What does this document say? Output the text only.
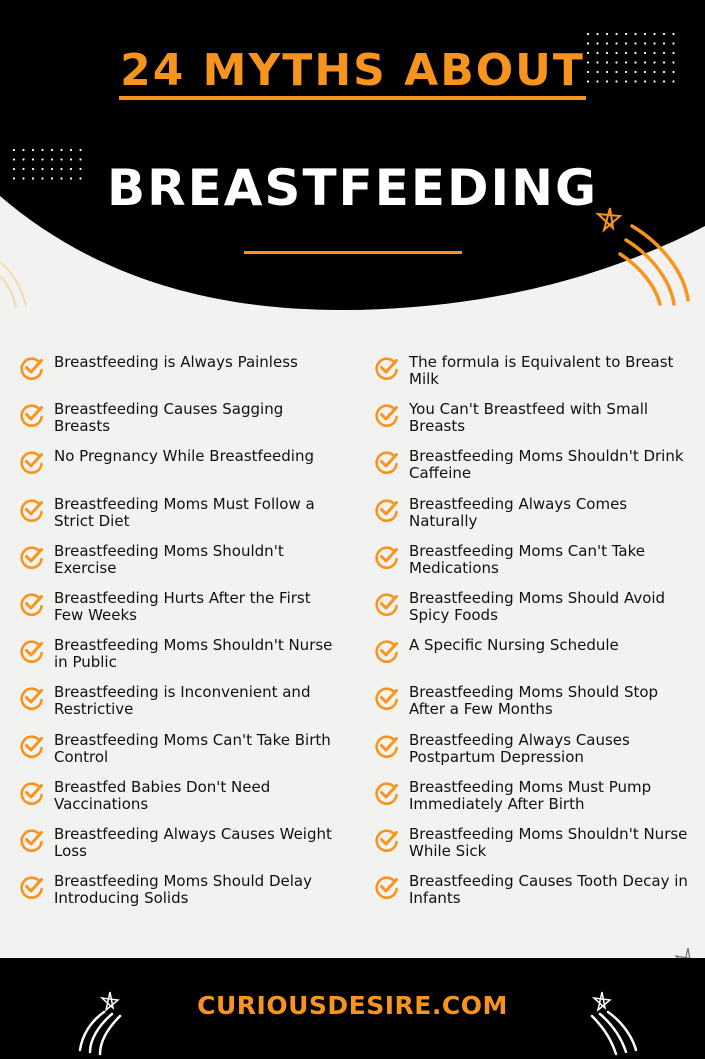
24 MYTHS ABOUT
BREASTFEEDING
Breastfeeding is Always Painless
Breastfeeding Causes Sagging Breasts
No Pregnancy While Breastfeeding
Breastfeeding Moms Must Follow a Strict Diet
Breastfeeding Moms Shouldn't Exercise
Breastfeeding Hurts After the First Few Weeks
Breastfeeding Moms Shouldn't Nurse in Public
Breastfeeding is Inconvenient and Restrictive
Breastfeeding Moms Can't Take Birth Control
Breastfed Babies Don't Need Vaccinations
Breastfeeding Always Causes Weight Loss
Breastfeeding Moms Should Delay Introducing Solids
The formula is Equivalent to Breast Milk
You Can't Breastfeed with Small Breasts
Breastfeeding Moms Shouldn't Drink Caffeine
Breastfeeding Always Comes Naturally
Breastfeeding Moms Can't Take Medications
Breastfeeding Moms Should Avoid Spicy Foods
A Specific Nursing Schedule
Breastfeeding Moms Should Stop After a Few Months
Breastfeeding Always Causes Postpartum Depression
Breastfeeding Moms Must Pump Immediately After Birth
Breastfeeding Moms Shouldn't Nurse While Sick
Breastfeeding Causes Tooth Decay in Infants
CURIOUSDESIRE.COM
